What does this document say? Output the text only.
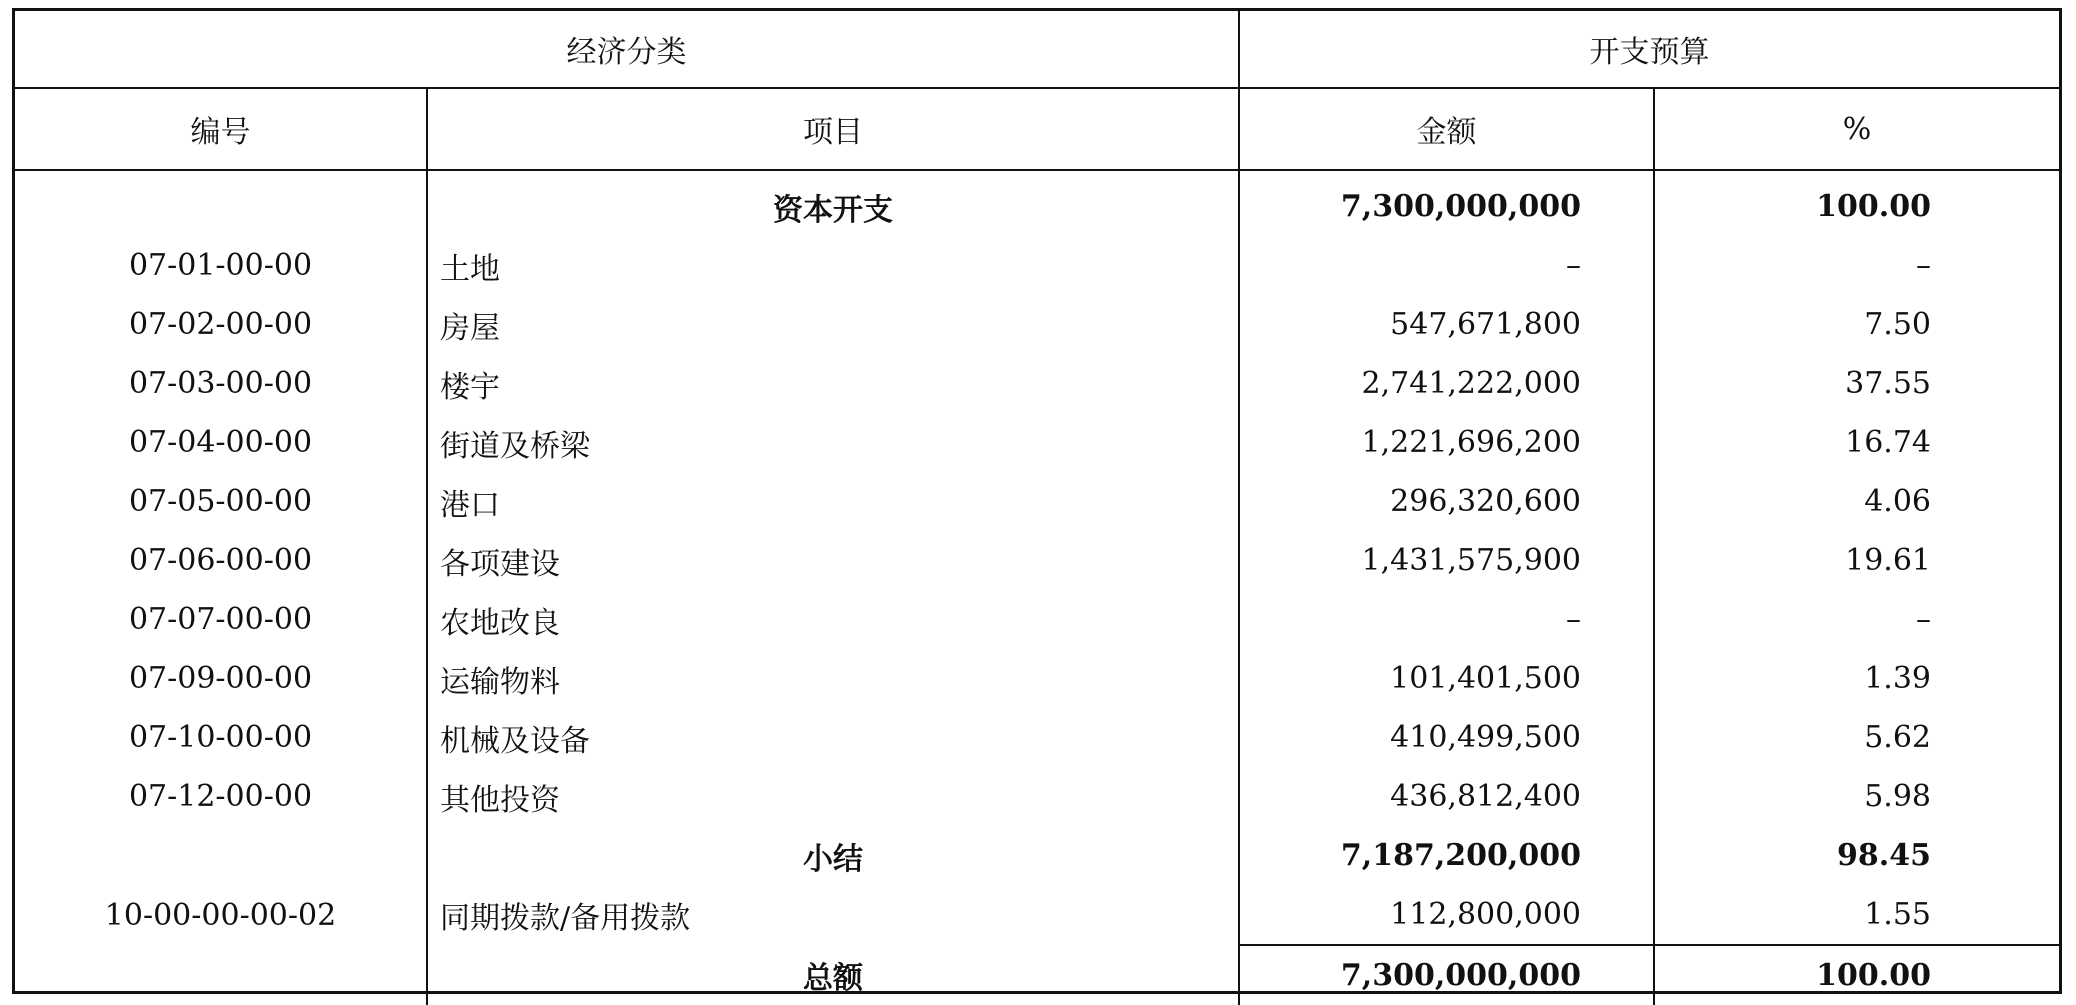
经济分类		开支预算	
编号	项目	金额	%
	资本开支	7,300,000,000	100.00
07-01-00-00	土地	–	–
07-02-00-00	房屋	547,671,800	7.50
07-03-00-00	楼宇	2,741,222,000	37.55
07-04-00-00	街道及桥梁	1,221,696,200	16.74
07-05-00-00	港口	296,320,600	4.06
07-06-00-00	各项建设	1,431,575,900	19.61
07-07-00-00	农地改良	–	–
07-09-00-00	运输物料	101,401,500	1.39
07-10-00-00	机械及设备	410,499,500	5.62
07-12-00-00	其他投资	436,812,400	5.98
	小结	7,187,200,000	98.45
10-00-00-00-02	同期拨款/备用拨款	112,800,000	1.55
	总额	7,300,000,000	100.00
